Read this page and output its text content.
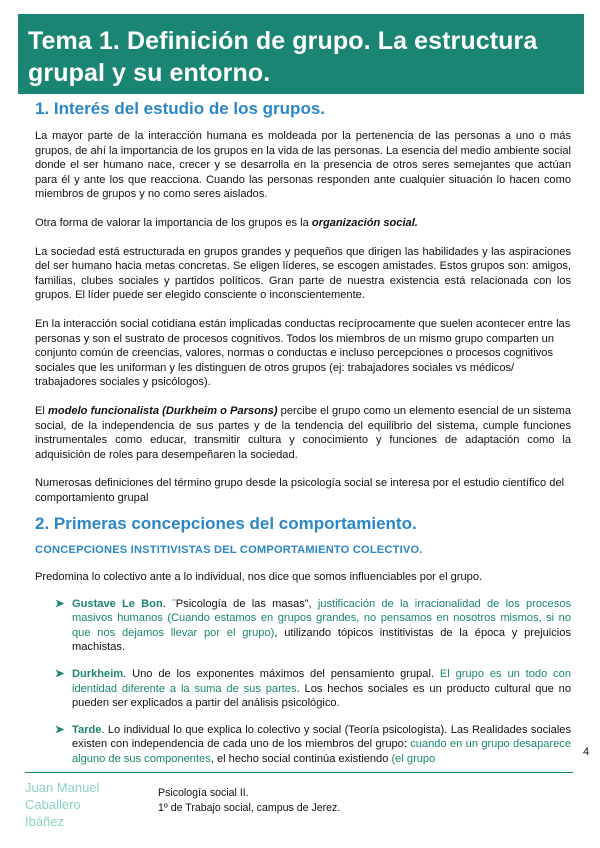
Tema 1. Definición de grupo. La estructura grupal y su entorno.
1. Interés del estudio de los grupos.

La mayor parte de la interacción humana es moldeada por la pertenencia de las personas a uno o más grupos, de ahí la importancia de los grupos en la vida de las personas. La esencia del medio ambiente social donde el ser humano nace, crecer y se desarrolla en la presencia de otros seres semejantes que actúan para él y ante los que reacciona. Cuando las personas responden ante cualquier situación lo hacen como miembros de grupos y no como seres aislados.

Otra forma de valorar la importancia de los grupos es la organización social.

La sociedad está estructurada en grupos grandes y pequeños que dirigen las habilidades y las aspiraciones del ser humano hacia metas concretas. Se eligen líderes, se escogen amistades. Estos grupos son: amigos, familias, clubes sociales y partidos políticos. Gran parte de nuestra existencia está relacionada con los grupos. El líder puede ser elegido consciente o inconscientemente.

En la interacción social cotidiana están implicadas conductas recíprocamente que suelen acontecer entre las personas y son el sustrato de procesos cognitivos. Todos los miembros de un mismo grupo comparten un conjunto común de creencias, valores, normas o conductas e incluso percepciones o procesos cognitivos sociales que les uniforman y les distinguen de otros grupos (ej: trabajadores sociales vs médicos/ trabajadores sociales y psicólogos).

El modelo funcionalista (Durkheim o Parsons) percibe el grupo como un elemento esencial de un sistema social, de la independencia de sus partes y de la tendencia del equilibrio del sistema, cumple funciones instrumentales como educar, transmitir cultura y conocimiento y funciones de adaptación como la adquisición de roles para desempeñaren la sociedad.

Numerosas definiciones del término grupo desde la psicología social se interesa por el estudio científico del comportamiento grupal

2. Primeras concepciones del comportamiento.
CONCEPCIONES INSTITIVISTAS DEL COMPORTAMIENTO COLECTIVO.

Predomina lo colectivo ante a lo individual, nos dice que somos influenciables por el grupo.

➤ Gustave Le Bon. ¨Psicología de las masas”, justificación de la irracionalidad de los procesos masivos humanos (Cuando estamos en grupos grandes, no pensamos en nosotros mismos, si no que nos dejamos llevar por el grupo), utilizando tópicos institivistas de la época y prejuicios machistas.
➤ Durkheim. Uno de los exponentes máximos del pensamiento grupal. El grupo es un todo con identidad diferente a la suma de sus partes. Los hechos sociales es un producto cultural que no pueden ser explicados a partir del análisis psicológico.
➤ Tarde. Lo individual lo que explica lo colectivo y social (Teoría psicologista). Las Realidades sociales existen con independencia de cada uno de los miembros del grupo: cuando en un grupo desaparece alguno de sus componentes, el hecho social continúa existiendo (el grupo
4
Juan Manuel
Caballero
Ibáñez
Psicología social II.
1º de Trabajo social, campus de Jerez.
